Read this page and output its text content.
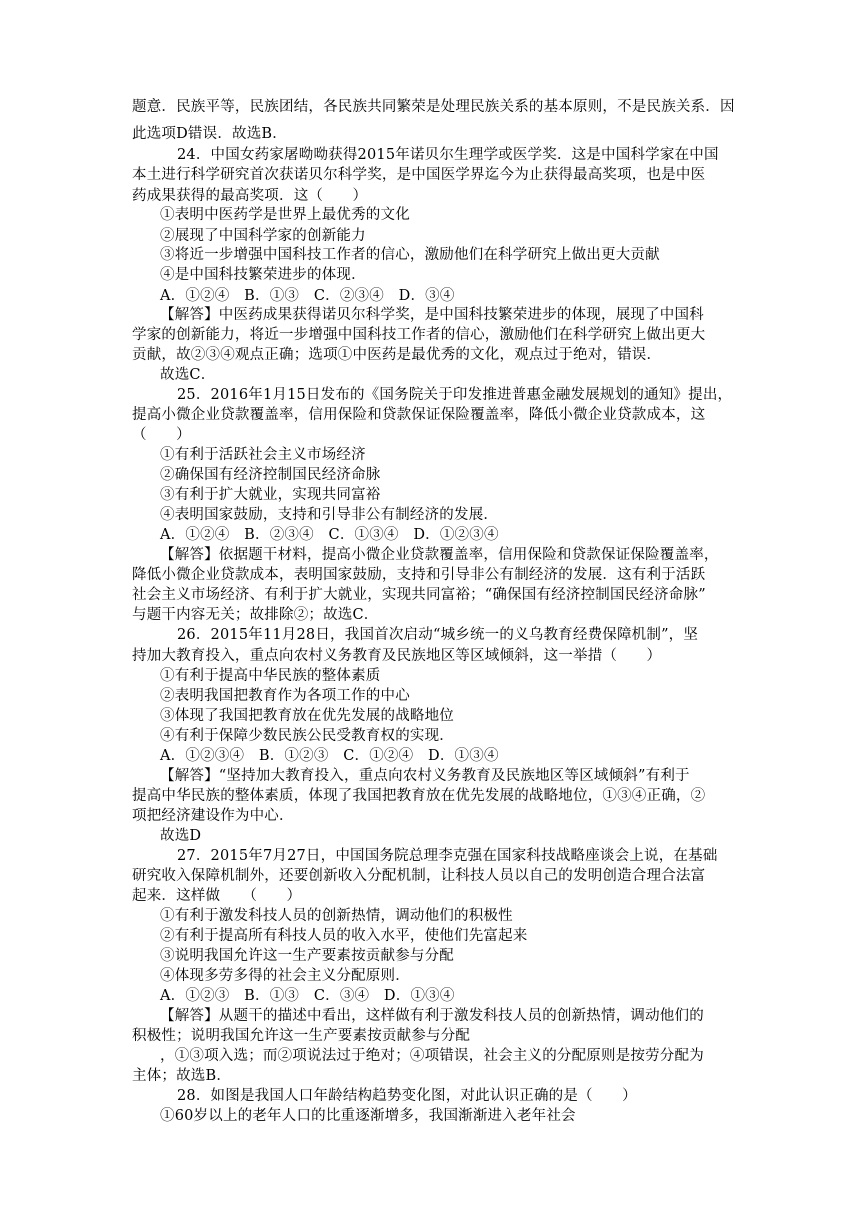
题意．民族平等，民族团结，各民族共同繁荣是处理民族关系的基本原则，不是民族关系．因
此选项D错误．故选B．
24．中国女药家屠呦呦获得2015年诺贝尔生理学或医学奖．这是中国科学家在中国
本土进行科学研究首次获诺贝尔科学奖，是中国医学界迄今为止获得最高奖项，也是中医
药成果获得的最高奖项．这（　　）
①表明中医药学是世界上最优秀的文化
②展现了中国科学家的创新能力
③将近一步增强中国科技工作者的信心，激励他们在科学研究上做出更大贡献
④是中国科技繁荣进步的体现．
A．①②④　B．①③　C．②③④　D．③④
【解答】中医药成果获得诺贝尔科学奖，是中国科技繁荣进步的体现，展现了中国科
学家的创新能力，将近一步增强中国科技工作者的信心，激励他们在科学研究上做出更大
贡献，故②③④观点正确；选项①中医药是最优秀的文化，观点过于绝对，错误．
故选C．
25．2016年1月15日发布的《国务院关于印发推进普惠金融发展规划的通知》提出，
提高小微企业贷款覆盖率，信用保险和贷款保证保险覆盖率，降低小微企业贷款成本，这
（　　）
①有利于活跃社会主义市场经济
②确保国有经济控制国民经济命脉
③有利于扩大就业，实现共同富裕
④表明国家鼓励，支持和引导非公有制经济的发展．
A．①②④　B．②③④　C．①③④　D．①②③④
【解答】依据题干材料，提高小微企业贷款覆盖率，信用保险和贷款保证保险覆盖率，
降低小微企业贷款成本，表明国家鼓励，支持和引导非公有制经济的发展．这有利于活跃
社会主义市场经济、有利于扩大就业，实现共同富裕；“确保国有经济控制国民经济命脉”
与题干内容无关；故排除②；故选C．
26．2015年11月28日，我国首次启动“城乡统一的义乌教育经费保障机制”，坚
持加大教育投入，重点向农村义务教育及民族地区等区域倾斜，这一举措（　　）
①有利于提高中华民族的整体素质
②表明我国把教育作为各项工作的中心
③体现了我国把教育放在优先发展的战略地位
④有利于保障少数民族公民受教育权的实现．
A．①②③④　B．①②③　C．①②④　D．①③④
【解答】“坚持加大教育投入，重点向农村义务教育及民族地区等区域倾斜”有利于
提高中华民族的整体素质，体现了我国把教育放在优先发展的战略地位，①③④正确，②
项把经济建设作为中心．
故选D
27．2015年7月27日，中国国务院总理李克强在国家科技战略座谈会上说，在基础
研究收入保障机制外，还要创新收入分配机制，让科技人员以自己的发明创造合理合法富
起来．这样做　　（　　）
①有利于激发科技人员的创新热情，调动他们的积极性
②有利于提高所有科技人员的收入水平，使他们先富起来
③说明我国允许这一生产要素按贡献参与分配
④体现多劳多得的社会主义分配原则．
A．①②③　B．①③　C．③④　D．①③④
【解答】从题干的描述中看出，这样做有利于激发科技人员的创新热情，调动他们的
积极性；说明我国允许这一生产要素按贡献参与分配
，①③项入选；而②项说法过于绝对；④项错误，社会主义的分配原则是按劳分配为
主体；故选B．
28．如图是我国人口年龄结构趋势变化图，对此认识正确的是（　　）
①60岁以上的老年人口的比重逐渐增多，我国渐渐进入老年社会
